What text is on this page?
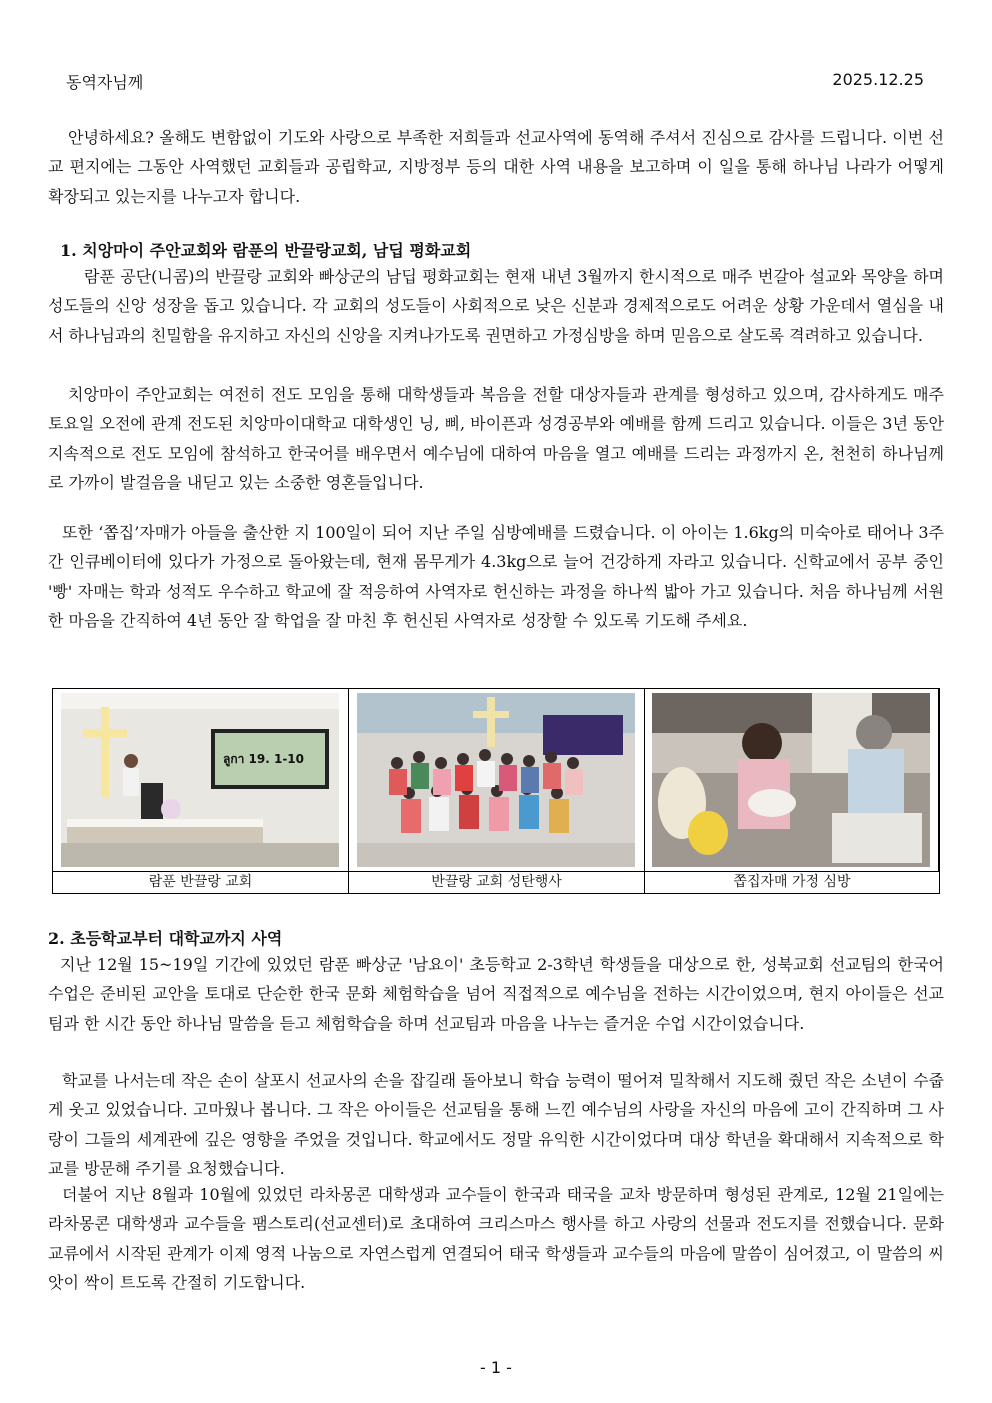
동역자님께	2025.12.25

안녕하세요? 올해도 변함없이 기도와 사랑으로 부족한 저희들과 선교사역에 동역해 주셔서 진심으로 감사를 드립니다. 이번 선교 편지에는 그동안 사역했던 교회들과 공립학교, 지방정부 등의 대한 사역 내용을 보고하며 이 일을 통해 하나님 나라가 어떻게 확장되고 있는지를 나누고자 합니다.

1. 치앙마이 주안교회와 람푼의 반끌랑교회, 남딥 평화교회

람푼 공단(니콤)의 반끌랑 교회와 빠상군의 남딥 평화교회는 현재 내년 3월까지 한시적으로 매주 번갈아 설교와 목양을 하며 성도들의 신앙 성장을 돕고 있습니다. 각 교회의 성도들이 사회적으로 낮은 신분과 경제적으로도 어려운 상황 가운데서 열심을 내서 하나님과의 친밀함을 유지하고 자신의 신앙을 지켜나가도록 권면하고 가정심방을 하며 믿음으로 살도록 격려하고 있습니다.

치앙마이 주안교회는 여전히 전도 모임을 통해 대학생들과 복음을 전할 대상자들과 관계를 형성하고 있으며, 감사하게도 매주 토요일 오전에 관계 전도된 치앙마이대학교 대학생인 닝, 삐, 바이픈과 성경공부와 예배를 함께 드리고 있습니다. 이들은 3년 동안 지속적으로 전도 모임에 참석하고 한국어를 배우면서 예수님에 대하여 마음을 열고 예배를 드리는 과정까지 온, 천천히 하나님께로 가까이 발걸음을 내딛고 있는 소중한 영혼들입니다.

또한 ‘쫍집’자매가 아들을 출산한 지 100일이 되어 지난 주일 심방예배를 드렸습니다. 이 아이는 1.6kg의 미숙아로 태어나 3주간 인큐베이터에 있다가 가정으로 돌아왔는데, 현재 몸무게가 4.3kg으로 늘어 건강하게 자라고 있습니다. 신학교에서 공부 중인 '빵' 자매는 학과 성적도 우수하고 학교에 잘 적응하여 사역자로 헌신하는 과정을 하나씩 밟아 가고 있습니다. 처음 하나님께 서원한 마음을 간직하여 4년 동안 잘 학업을 잘 마친 후 헌신된 사역자로 성장할 수 있도록 기도해 주세요.

ลูกา 19. 1-10
람푼 반끌랑 교회	반끌랑 교회 성탄행사	쫍집자매 가정 심방
2. 초등학교부터 대학교까지 사역

지난 12월 15~19일 기간에 있었던 람푼 빠상군 '남요이' 초등학교 2-3학년 학생들을 대상으로 한, 성북교회 선교팀의 한국어 수업은 준비된 교안을 토대로 단순한 한국 문화 체험학습을 넘어 직접적으로 예수님을 전하는 시간이었으며, 현지 아이들은 선교팀과 한 시간 동안 하나님 말씀을 듣고 체험학습을 하며 선교팀과 마음을 나누는 즐거운 수업 시간이었습니다.

학교를 나서는데 작은 손이 살포시 선교사의 손을 잡길래 돌아보니 학습 능력이 떨어져 밀착해서 지도해 줬던 작은 소년이 수줍게 웃고 있었습니다. 고마웠나 봅니다. 그 작은 아이들은 선교팀을 통해 느낀 예수님의 사랑을 자신의 마음에 고이 간직하며 그 사랑이 그들의 세계관에 깊은 영향을 주었을 것입니다. 학교에서도 정말 유익한 시간이었다며 대상 학년을 확대해서 지속적으로 학교를 방문해 주기를 요청했습니다.

더불어 지난 8월과 10월에 있었던 라차몽콘 대학생과 교수들이 한국과 태국을 교차 방문하며 형성된 관계로, 12월 21일에는 라차몽콘 대학생과 교수들을 팸스토리(선교센터)로 초대하여 크리스마스 행사를 하고 사랑의 선물과 전도지를 전했습니다. 문화교류에서 시작된 관계가 이제 영적 나눔으로 자연스럽게 연결되어 태국 학생들과 교수들의 마음에 말씀이 심어졌고, 이 말씀의 씨앗이 싹이 트도록 간절히 기도합니다.

- 1 -
